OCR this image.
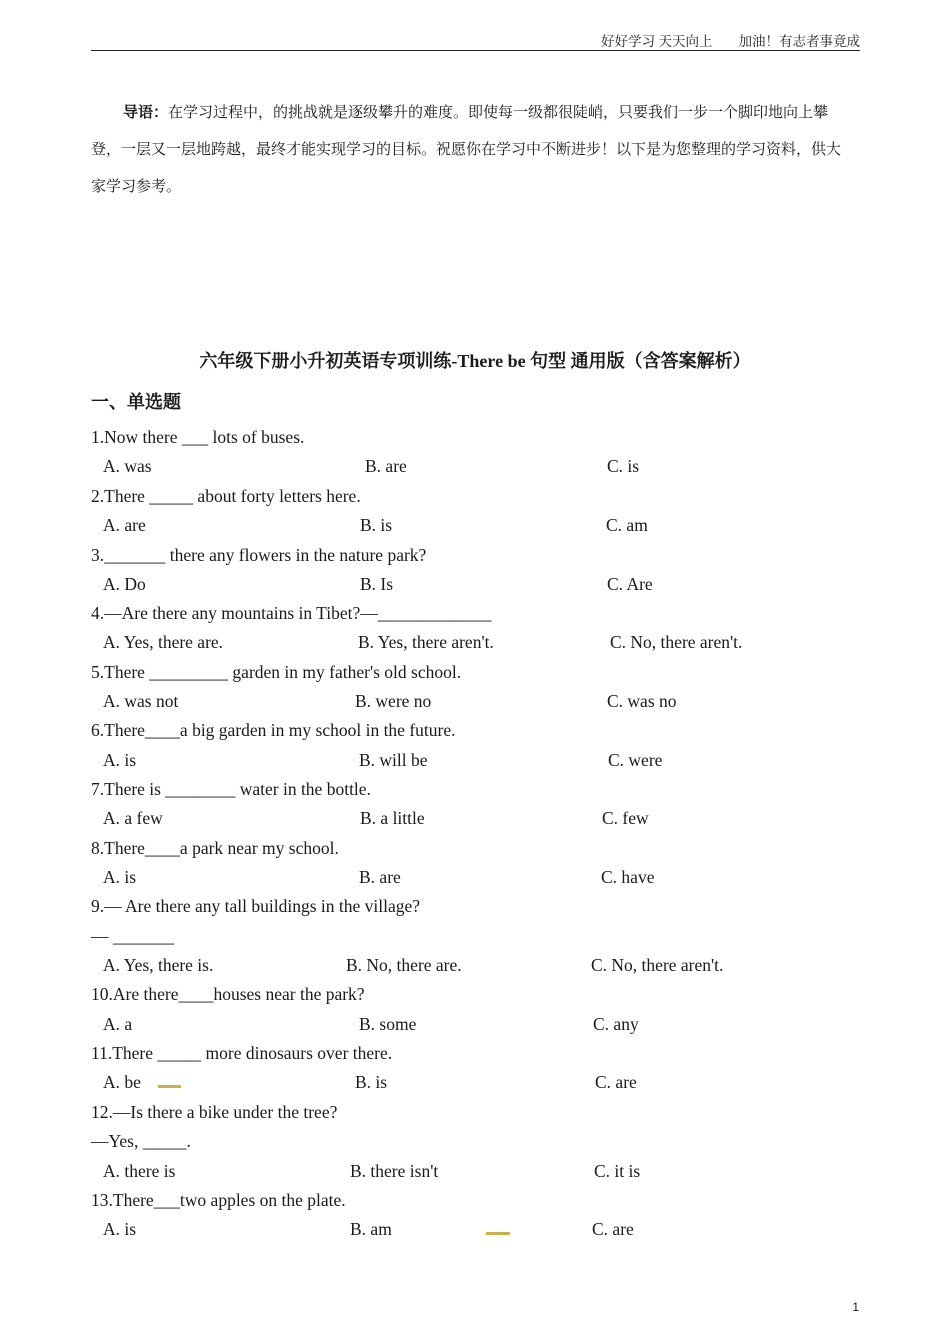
好好学习 天天向上 加油！有志者事竟成

导语：在学习过程中，的挑战就是逐级攀升的难度。即使每一级都很陡峭，只要我们一步一个脚印地向上攀登，一层又一层地跨越，最终才能实现学习的目标。祝愿你在学习中不断进步！以下是为您整理的学习资料，供大家学习参考。

六年级下册小升初英语专项训练-There be 句型 通用版（含答案解析）
一、单选题
1.Now there ___ lots of buses.
A. was	B. are	C. is
2.There _____ about forty letters here.
A. are	B. is	C. am
3._______ there any flowers in the nature park?
A. Do	B. Is	C. Are
4.—Are there any mountains in Tibet?—_____________
A. Yes, there are.	B. Yes, there aren't.	C. No, there aren't.
5.There _________ garden in my father's old school.
A. was not	B. were no	C. was no
6.There____a big garden in my school in the future.
A. is	B. will be	C. were
7.There is ________ water in the bottle.
A. a few	B. a little	C. few
8.There____a park near my school.
A. is	B. are	C. have
9.— Are there any tall buildings in the village?
— _______
A. Yes, there is.	B. No, there are.	C. No, there aren't.
10.Are there____houses near the park?
A. a	B. some	C. any
11.There _____ more dinosaurs over there.
A. be	B. is	C. are
12.—Is there a bike under the tree?
—Yes, _____.
A. there is	B. there isn't	C. it is
13.There___two apples on the plate.
A. is	B. am	C. are
1
